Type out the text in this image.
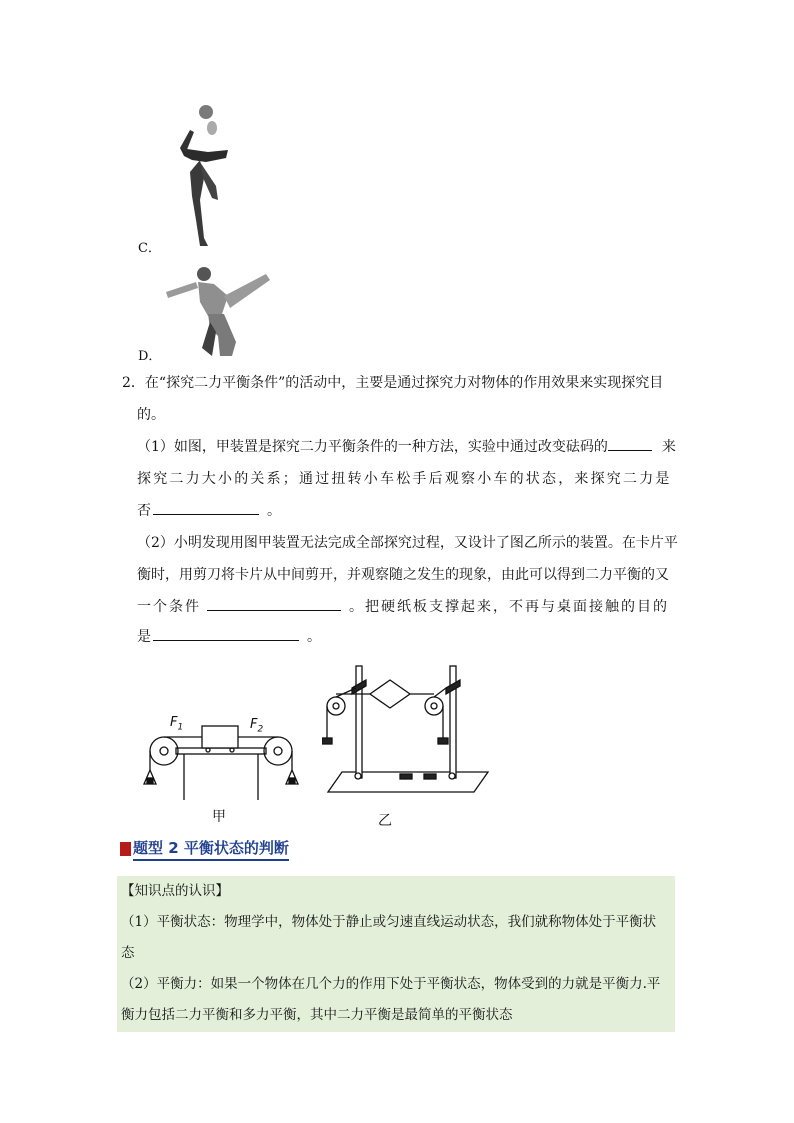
C．
D．
2．在“探究二力平衡条件”的活动中，主要是通过探究力对物体的作用效果来实现探究目
的。
（1）如图，甲装置是探究二力平衡条件的一种方法，实验中通过改变砝码的	来
探究二力大小的关系；通过扭转小车松手后观察小车的状态，来探究二力是
否	。
（2）小明发现用图甲装置无法完成全部探究过程，又设计了图乙所示的装置。在卡片平
衡时，用剪刀将卡片从中间剪开，并观察随之发生的现象，由此可以得到二力平衡的又
一个条件	。把硬纸板支撑起来，不再与桌面接触的目的
是	。
$F_1$	$F_2$
甲	乙
题型 2 平衡状态的判断
【知识点的认识】
（1）平衡状态：物理学中，物体处于静止或匀速直线运动状态，我们就称物体处于平衡状
态
（2）平衡力：如果一个物体在几个力的作用下处于平衡状态，物体受到的力就是平衡力.平
衡力包括二力平衡和多力平衡，其中二力平衡是最简单的平衡状态
